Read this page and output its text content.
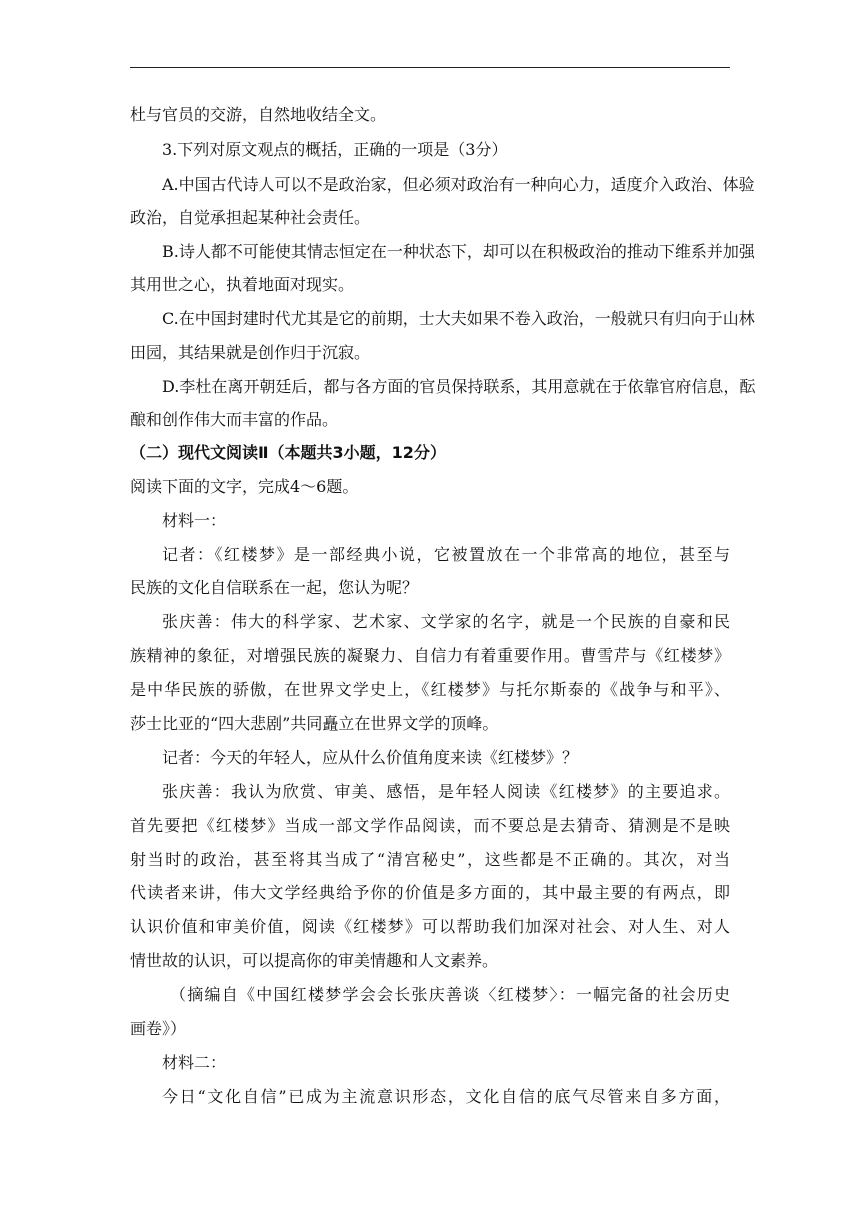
杜与官员的交游，自然地收结全文。
3.下列对原文观点的概括，正确的一项是（3分）
A.中国古代诗人可以不是政治家，但必须对政治有一种向心力，适度介入政治、体验
政治，自觉承担起某种社会责任。
B.诗人都不可能使其情志恒定在一种状态下，却可以在积极政治的推动下维系并加强
其用世之心，执着地面对现实。
C.在中国封建时代尤其是它的前期，士大夫如果不卷入政治，一般就只有归向于山林
田园，其结果就是创作归于沉寂。
D.李杜在离开朝廷后，都与各方面的官员保持联系，其用意就在于依靠官府信息，酝
酿和创作伟大而丰富的作品。
（二）现代文阅读Ⅱ（本题共3小题，12分）
阅读下面的文字，完成4～6题。
材料一：
记者：《红楼梦》是一部经典小说，它被置放在一个非常高的地位，甚至与
民族的文化自信联系在一起，您认为呢？
张庆善：伟大的科学家、艺术家、文学家的名字，就是一个民族的自豪和民
族精神的象征，对增强民族的凝聚力、自信力有着重要作用。曹雪芹与《红楼梦》
是中华民族的骄傲，在世界文学史上，《红楼梦》与托尔斯泰的《战争与和平》、
莎士比亚的“四大悲剧”共同矗立在世界文学的顶峰。
记者：今天的年轻人，应从什么价值角度来读《红楼梦》？
张庆善：我认为欣赏、审美、感悟，是年轻人阅读《红楼梦》的主要追求。
首先要把《红楼梦》当成一部文学作品阅读，而不要总是去猜奇、猜测是不是映
射当时的政治，甚至将其当成了“清宫秘史”，这些都是不正确的。其次，对当
代读者来讲，伟大文学经典给予你的价值是多方面的，其中最主要的有两点，即
认识价值和审美价值，阅读《红楼梦》可以帮助我们加深对社会、对人生、对人
情世故的认识，可以提高你的审美情趣和人文素养。
（摘编自《中国红楼梦学会会长张庆善谈〈红楼梦〉：一幅完备的社会历史
画卷》）
材料二：
今日“文化自信”已成为主流意识形态，文化自信的底气尽管来自多方面，
